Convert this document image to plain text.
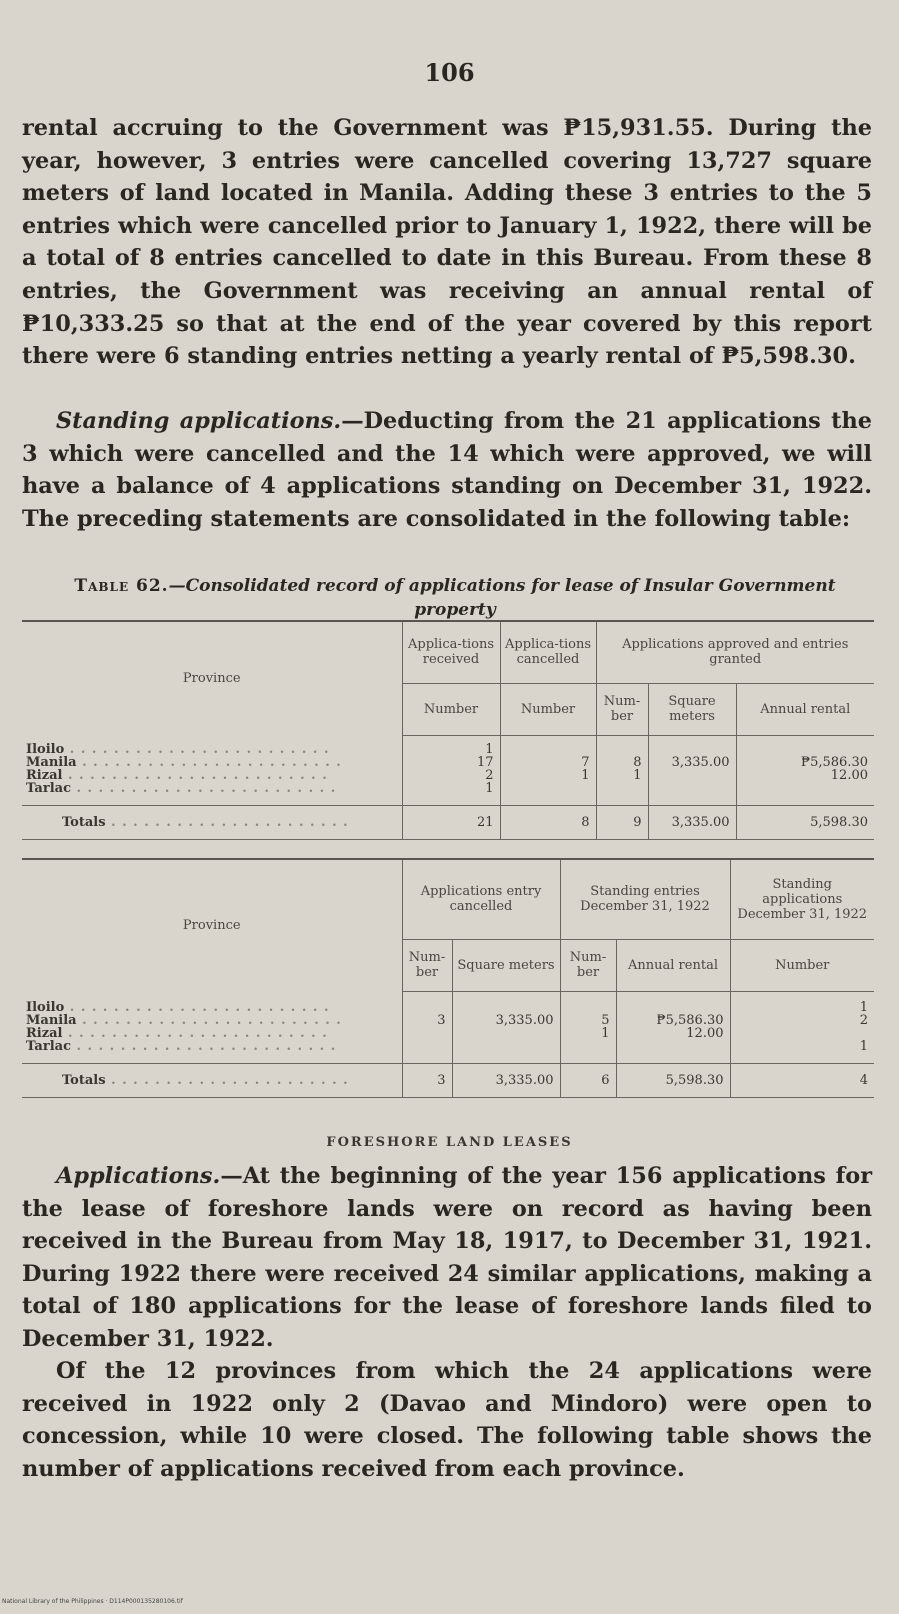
106

rental accruing to the Government was ₱15,931.55. During the year, however, 3 entries were cancelled covering 13,727 square meters of land located in Manila. Adding these 3 entries to the 5 entries which were cancelled prior to January 1, 1922, there will be a total of 8 entries cancelled to date in this Bureau. From these 8 entries, the Government was receiving an annual rental of ₱10,333.25 so that at the end of the year covered by this report there were 6 standing entries netting a yearly rental of ₱5,598.30.

Standing applications.—Deducting from the 21 applications the 3 which were cancelled and the 14 which were approved, we will have a balance of 4 applications standing on December 31, 1922. The preceding statements are consolidated in the following table:

Table 62.—Consolidated record of applications for lease of Insular Government property
Province	Applica-tions received	Applica-tions cancelled	Applications approved and entries granted		
	Number	Number	Num-ber	Square meters	Annual rental

Iloilo . . . . . . . . . . . . . . . . . . . . . . . .	1				
Manila . . . . . . . . . . . . . . . . . . . . . . . .	17	7	8	3,335.00	₱5,586.30
Rizal . . . . . . . . . . . . . . . . . . . . . . . .	2	1	1		12.00
Tarlac . . . . . . . . . . . . . . . . . . . . . . . .	1				

Totals . . . . . . . . . . . . . . . . . . . . . .	21	8	9	3,335.00	5,598.30
Province	Applications entry cancelled		Standing entries December 31, 1922		Standing applications December 31, 1922
	Num-ber	Square meters	Num-ber	Annual rental	Number

Iloilo . . . . . . . . . . . . . . . . . . . . . . . .					1
Manila . . . . . . . . . . . . . . . . . . . . . . . .	3	3,335.00	5	₱5,586.30	2
Rizal . . . . . . . . . . . . . . . . . . . . . . . .			1	12.00	
Tarlac . . . . . . . . . . . . . . . . . . . . . . . .					1

Totals . . . . . . . . . . . . . . . . . . . . . .	3	3,335.00	6	5,598.30	4
FORESHORE LAND LEASES

Applications.—At the beginning of the year 156 applications for the lease of foreshore lands were on record as having been received in the Bureau from May 18, 1917, to December 31, 1921. During 1922 there were received 24 similar applications, making a total of 180 applications for the lease of foreshore lands filed to December 31, 1922.

Of the 12 provinces from which the 24 applications were received in 1922 only 2 (Davao and Mindoro) were open to concession, while 10 were closed. The following table shows the number of applications received from each province.

National Library of the Philippines · D114P000135280106.tif
